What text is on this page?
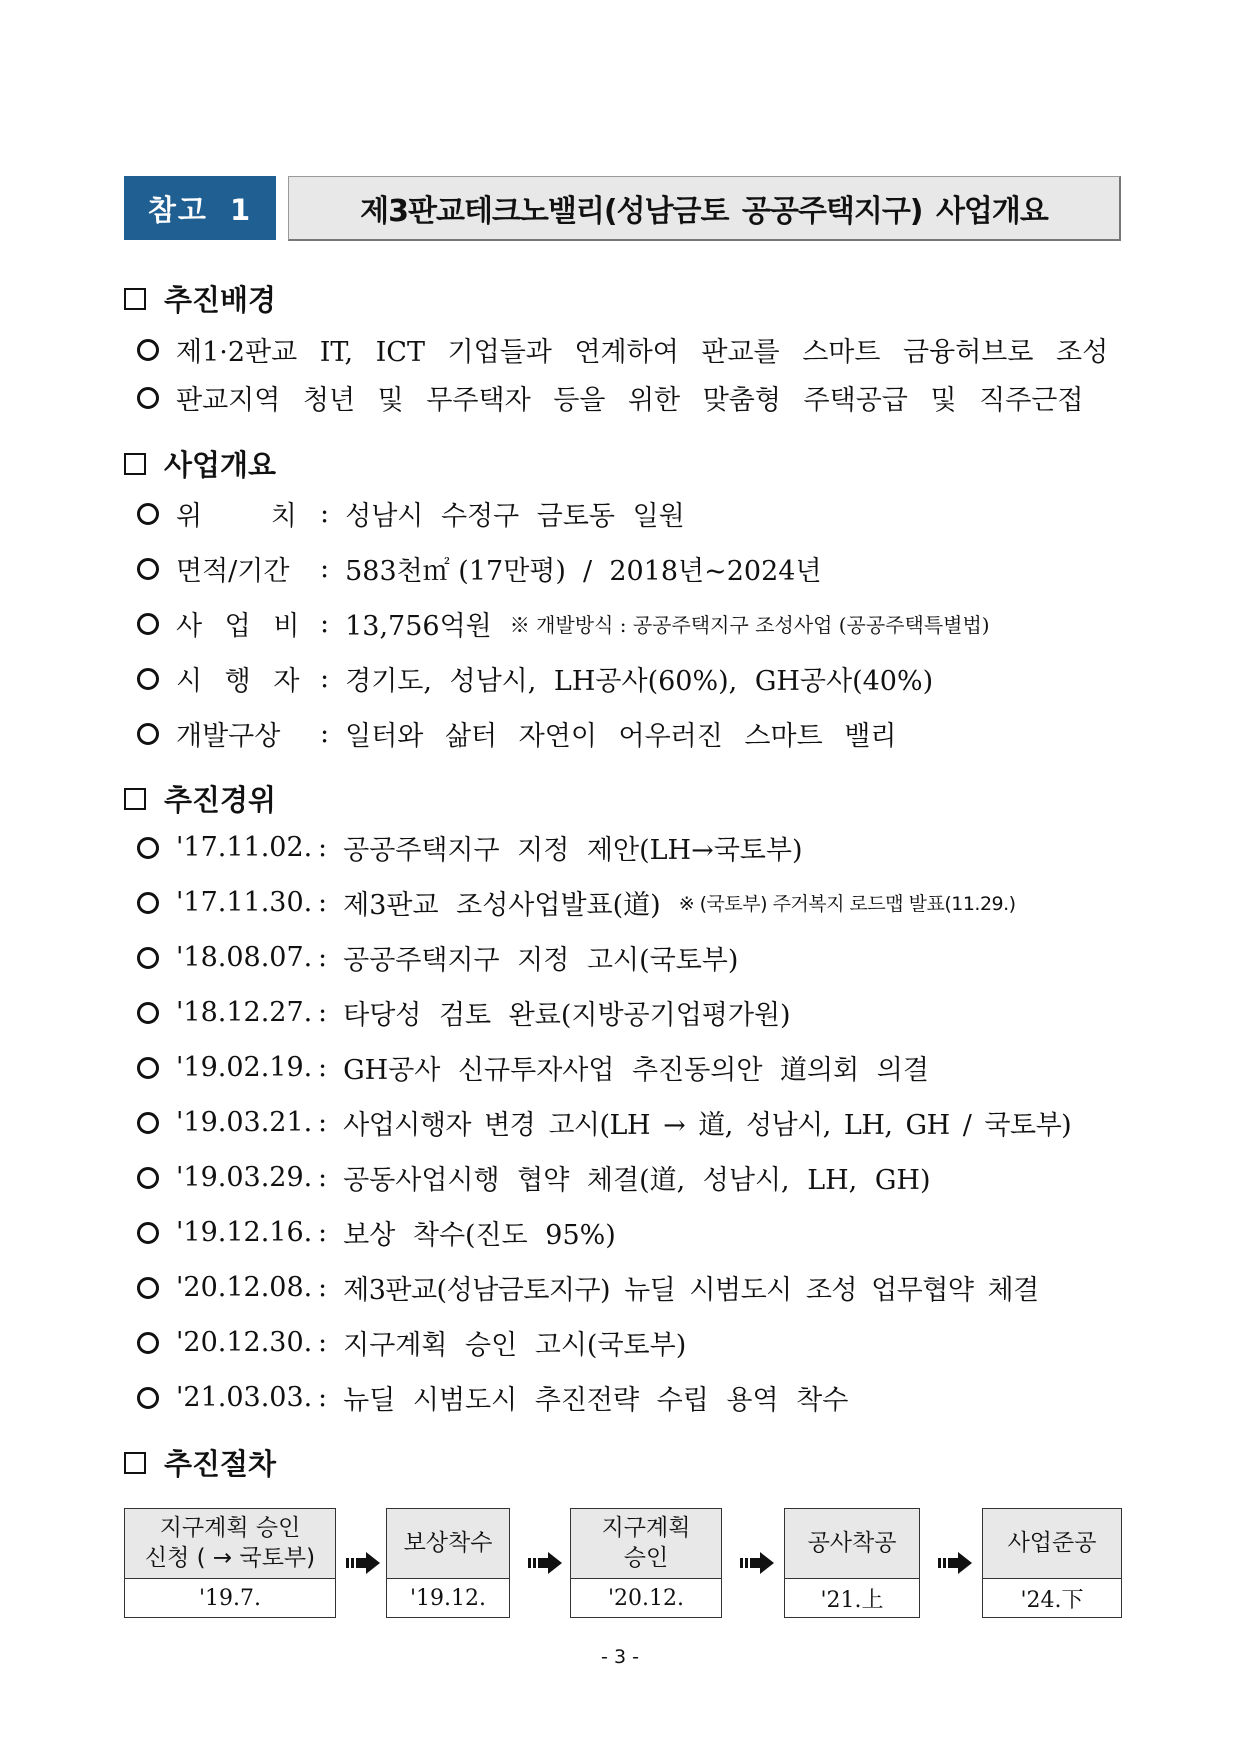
참고 1	제3판교테크노밸리(성남금토 공공주택지구) 사업개요
추진배경
제1·2판교 IT, ICT 기업들과 연계하여 판교를 스마트 금융허브로 조성
판교지역 청년 및 무주택자 등을 위한 맞춤형 주택공급 및 직주근접
사업개요
위        치 : 성남시 수정구 금토동 일원
면적/기간	: 583천㎡ (17만평)  /  2018년~2024년
사 업 비 : 13,756억원 ※ 개발방식 : 공공주택지구 조성사업 (공공주택특별법)
시 행 자 : 경기도, 성남시, LH공사(60%), GH공사(40%)
개발구상	: 일터와 삶터 자연이 어우러진 스마트 밸리
추진경위
'17.11.02. : 공공주택지구 지정 제안(LH→국토부)
'17.11.30. : 제3판교 조성사업발표(道) ※ (국토부) 주거복지 로드맵 발표(11.29.)
'18.08.07. : 공공주택지구 지정 고시(국토부)
'18.12.27. : 타당성 검토 완료(지방공기업평가원)
'19.02.19. : GH공사 신규투자사업 추진동의안 道의회 의결
'19.03.21. : 사업시행자 변경 고시(LH → 道, 성남시, LH, GH / 국토부)
'19.03.29. : 공동사업시행 협약 체결(道, 성남시, LH, GH)
'19.12.16. : 보상 착수(진도 95%)
'20.12.08. : 제3판교(성남금토지구) 뉴딜 시범도시 조성 업무협약 체결
'20.12.30. : 지구계획 승인 고시(국토부)
'21.03.03. : 뉴딜 시범도시 추진전략 수립 용역 착수
추진절차
지구계획 승인
신청 ( → 국토부)
'19.7.
보상착수
'19.12.
지구계획
승인
'20.12.
공사착공
'21.上
사업준공
'24.下
- 3 -
